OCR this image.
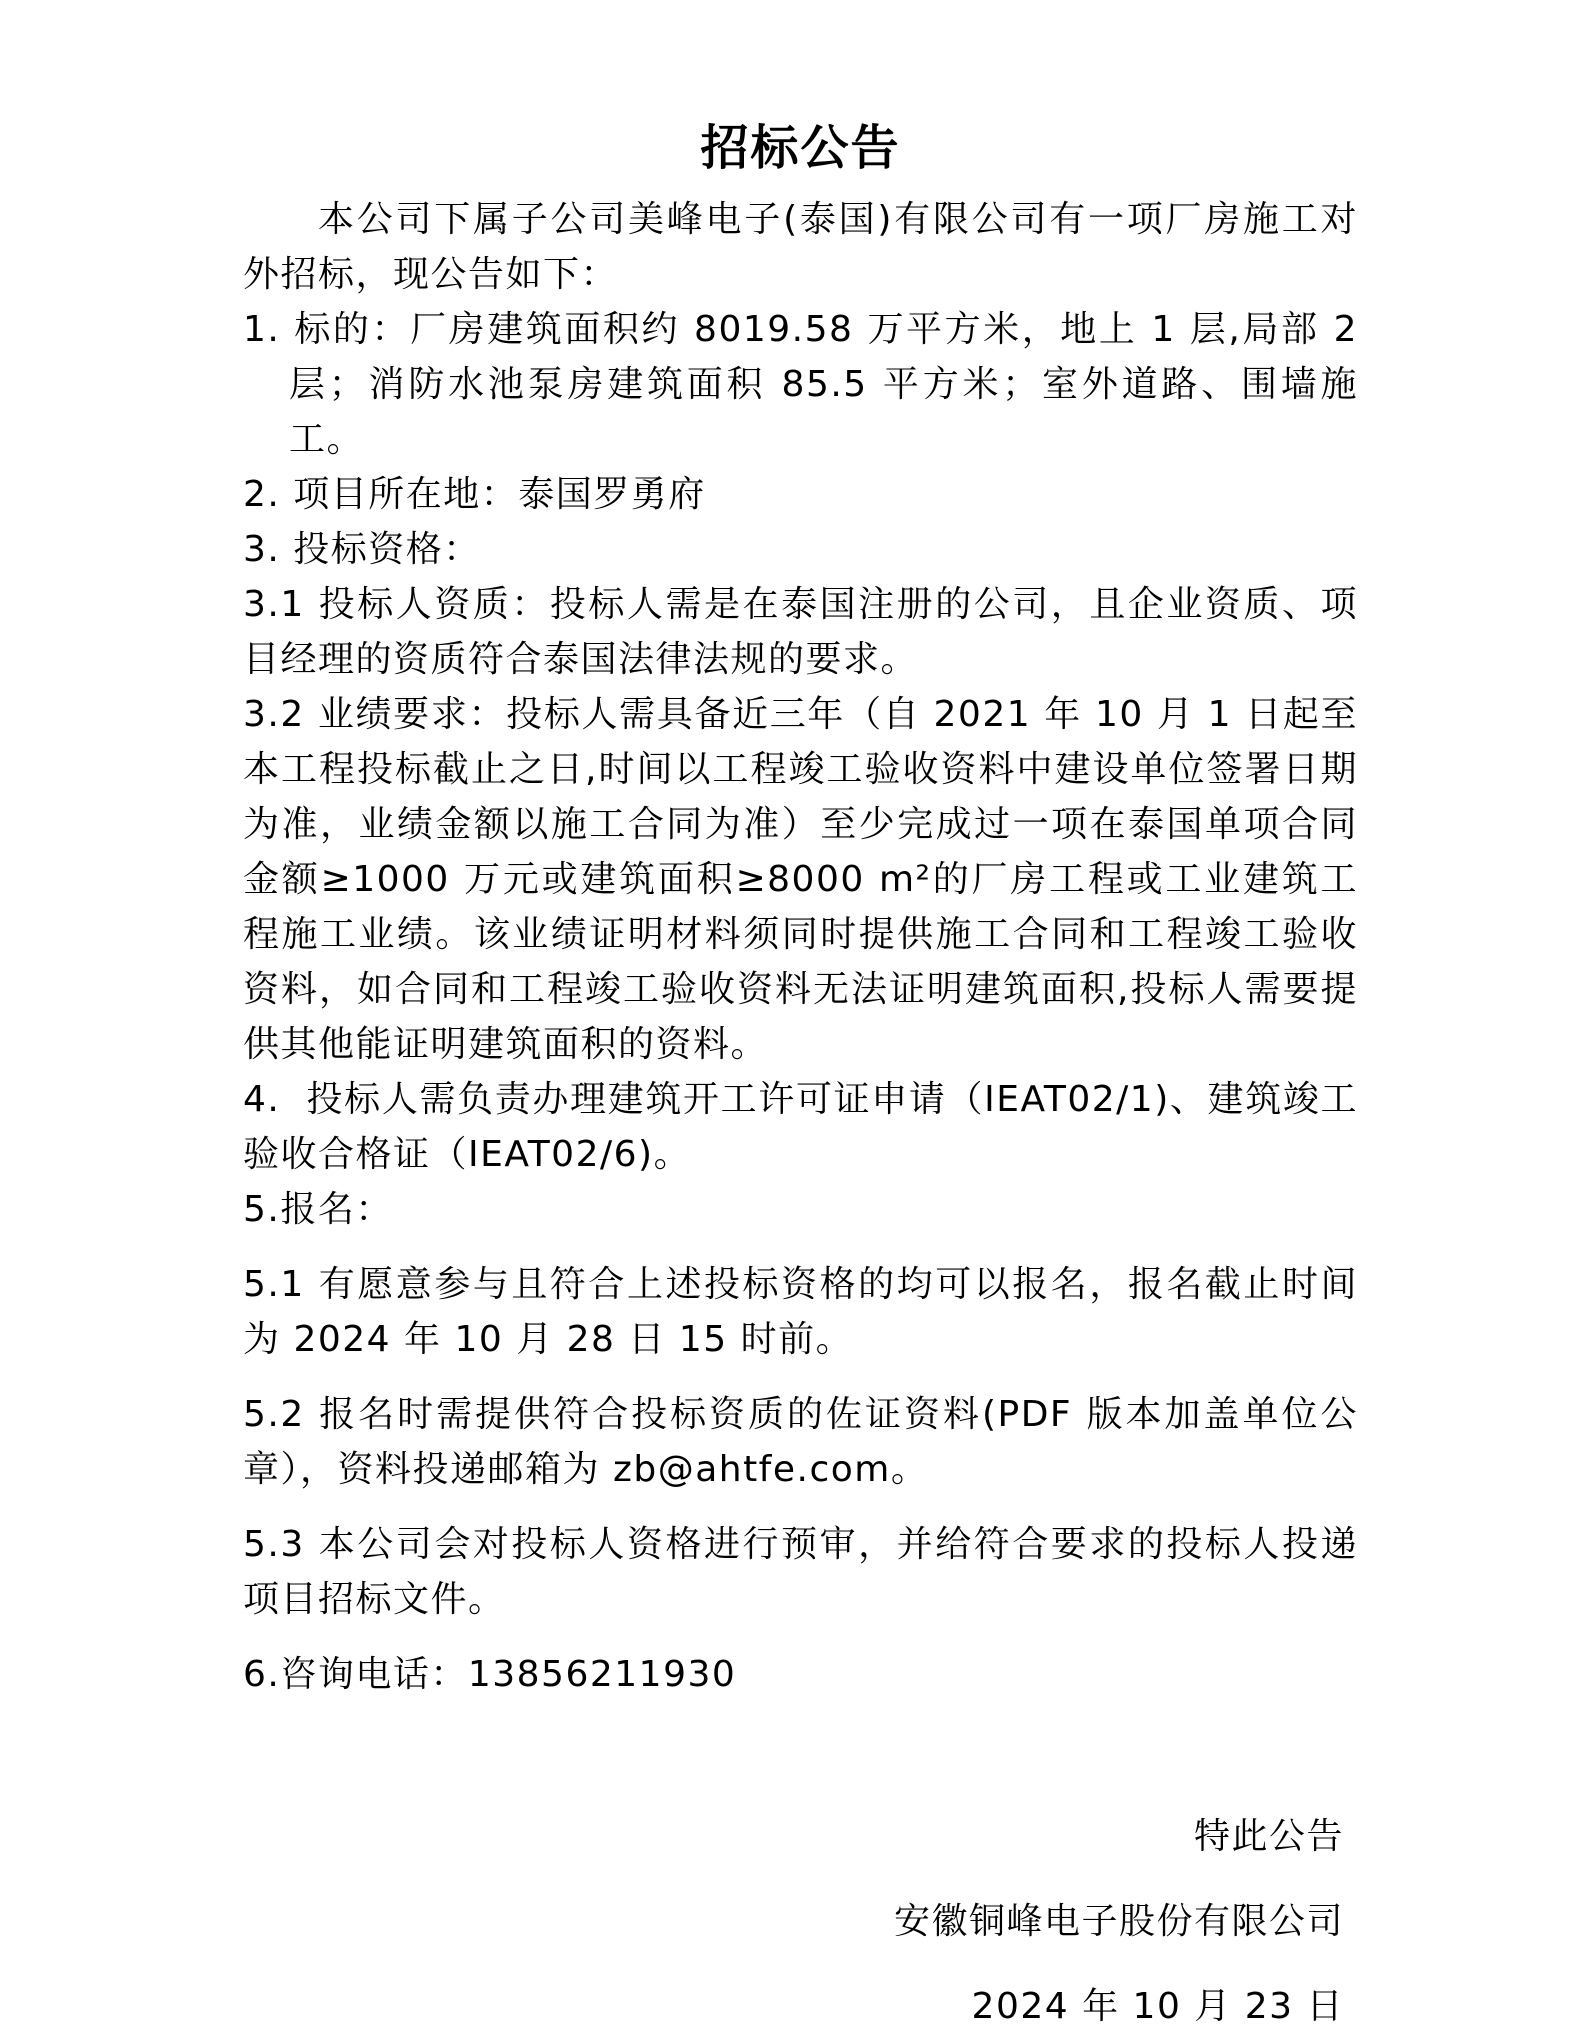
招标公告

本公司下属子公司美峰电子(泰国)有限公司有一项厂房施工对外招标，现公告如下：

1. 标的：厂房建筑面积约 8019.58 万平方米，地上 1 层,局部 2 层；消防水池泵房建筑面积 85.5 平方米；室外道路、围墙施工。

2. 项目所在地：泰国罗勇府

3. 投标资格：

3.1 投标人资质：投标人需是在泰国注册的公司，且企业资质、项目经理的资质符合泰国法律法规的要求。

3.2 业绩要求：投标人需具备近三年（自 2021 年 10 月 1 日起至本工程投标截止之日,时间以工程竣工验收资料中建设单位签署日期为准，业绩金额以施工合同为准）至少完成过一项在泰国单项合同金额≥1000 万元或建筑面积≥8000 m²的厂房工程或工业建筑工程施工业绩。该业绩证明材料须同时提供施工合同和工程竣工验收资料，如合同和工程竣工验收资料无法证明建筑面积,投标人需要提供其他能证明建筑面积的资料。

4.  投标人需负责办理建筑开工许可证申请（IEAT02/1)、建筑竣工验收合格证（IEAT02/6)。

5.报名：

5.1 有愿意参与且符合上述投标资格的均可以报名，报名截止时间为 2024 年 10 月 28 日 15 时前。

5.2 报名时需提供符合投标资质的佐证资料(PDF 版本加盖单位公章），资料投递邮箱为 zb@ahtfe.com。

5.3 本公司会对投标人资格进行预审，并给符合要求的投标人投递项目招标文件。

6.咨询电话：13856211930

特此公告

安徽铜峰电子股份有限公司

2024 年 10 月 23 日
